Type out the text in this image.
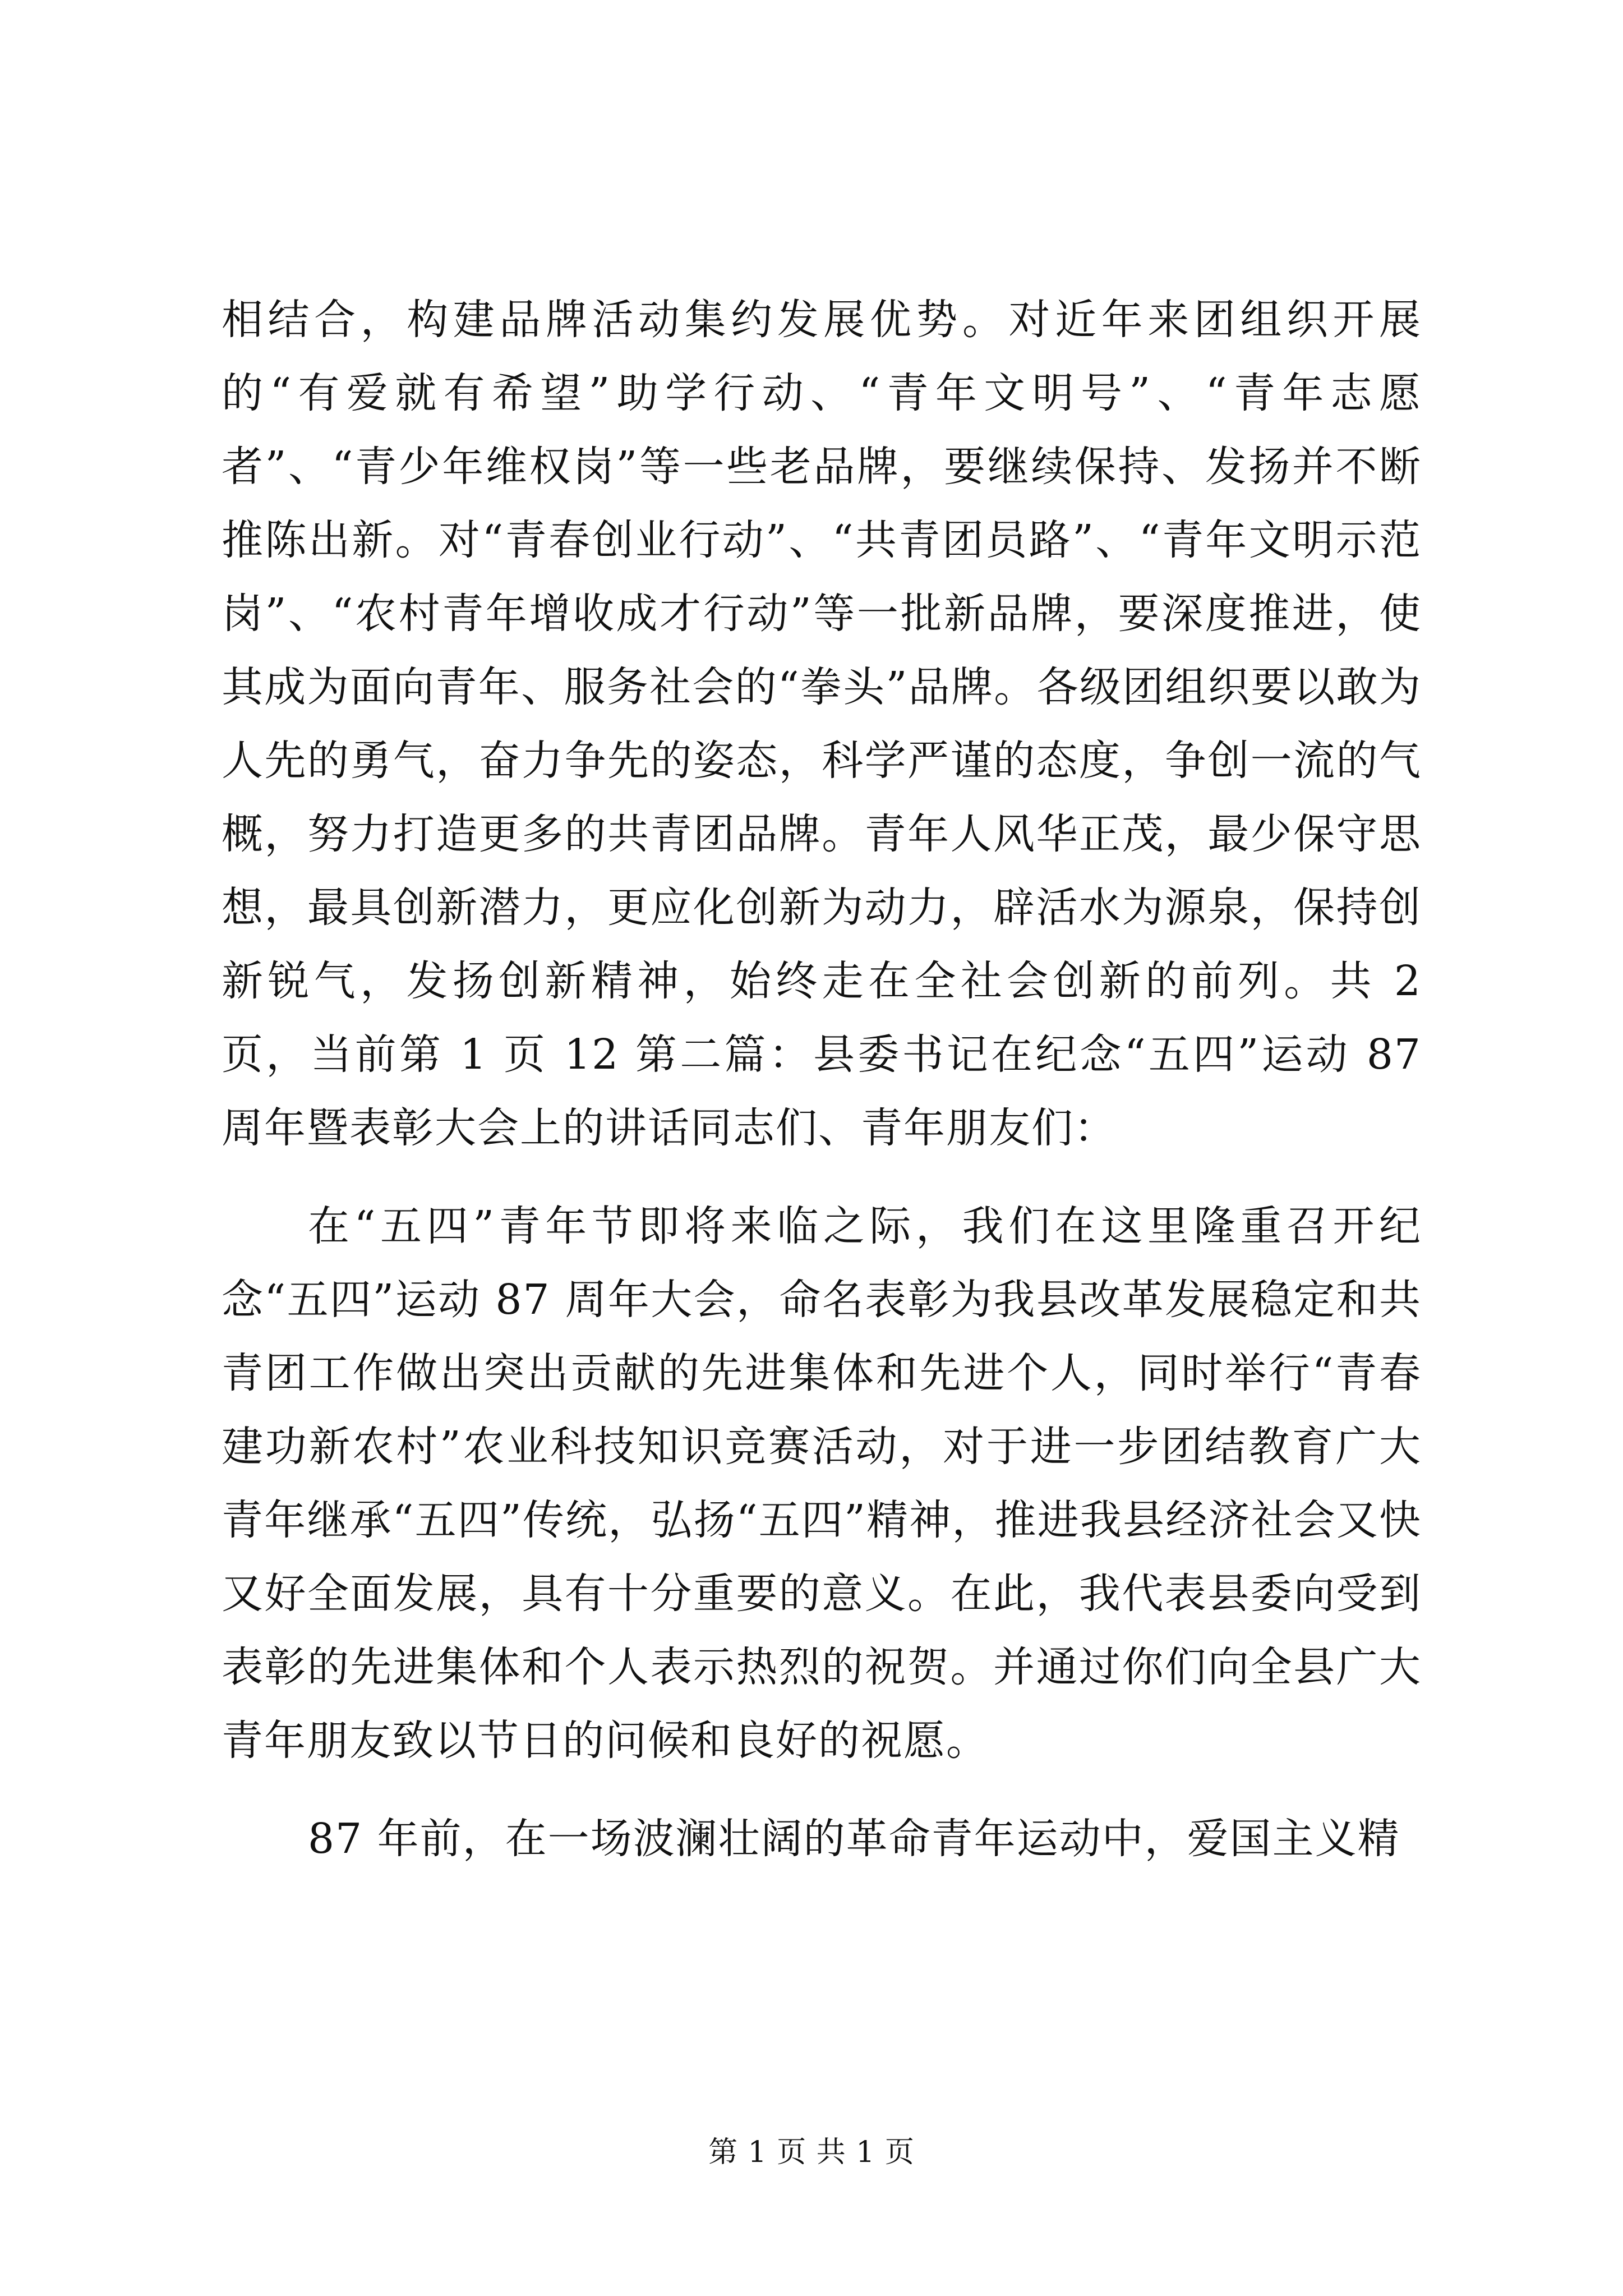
相结合，构建品牌活动集约发展优势。对近年来团组织开展的“有爱就有希望”助学行动、“青年文明号”、“青年志愿者”、“青少年维权岗”等一些老品牌，要继续保持、发扬并不断推陈出新。对“青春创业行动”、“共青团员路”、“青年文明示范岗”、“农村青年增收成才行动”等一批新品牌，要深度推进，使其成为面向青年、服务社会的“拳头”品牌。各级团组织要以敢为人先的勇气，奋力争先的姿态，科学严谨的态度，争创一流的气概，努力打造更多的共青团品牌。青年人风华正茂，最少保守思想，最具创新潜力，更应化创新为动力，辟活水为源泉，保持创新锐气，发扬创新精神，始终走在全社会创新的前列。共 2 页，当前第 1 页 12 第二篇：县委书记在纪念“五四”运动 87 周年暨表彰大会上的讲话同志们、青年朋友们：

在“五四”青年节即将来临之际，我们在这里隆重召开纪念“五四”运动 87 周年大会，命名表彰为我县改革发展稳定和共青团工作做出突出贡献的先进集体和先进个人，同时举行“青春建功新农村”农业科技知识竞赛活动，对于进一步团结教育广大青年继承“五四”传统，弘扬“五四”精神，推进我县经济社会又快又好全面发展，具有十分重要的意义。在此，我代表县委向受到表彰的先进集体和个人表示热烈的祝贺。并通过你们向全县广大青年朋友致以节日的问候和良好的祝愿。

87 年前，在一场波澜壮阔的革命青年运动中，爱国主义精

第 1 页 共 1 页
